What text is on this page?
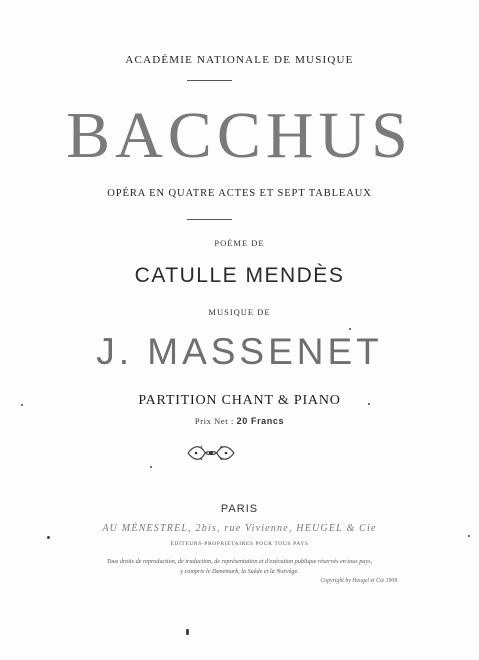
ACADÉMIE NATIONALE DE MUSIQUE
BACCHUS
OPÉRA EN QUATRE ACTES ET SEPT TABLEAUX
POÈME DE
CATULLE MENDÈS
MUSIQUE DE
J. MASSENET
PARTITION CHANT & PIANO
Prix Net : 20 Francs
PARIS
AU MÉNESTREL, 2bis, rue Vivienne, HEUGEL & Cie
ÉDITEURS-PROPRIÉTAIRES POUR TOUS PAYS
Tous droits de reproduction, de traduction, de représentation et d'exécution publique réservés en tous pays,
y compris le Danemark, la Suède et la Norvège.
Copyright by Heugel et Cie 1909.
